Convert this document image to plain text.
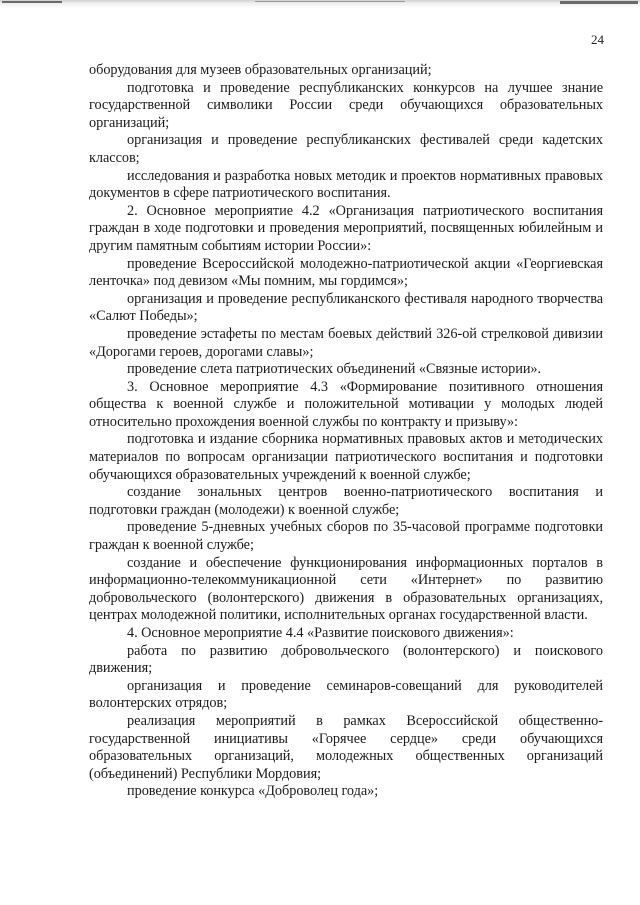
24

оборудования для музеев образовательных организаций;

подготовка и проведение республиканских конкурсов на лучшее знание государственной символики России среди обучающихся образовательных организаций;

организация и проведение республиканских фестивалей среди кадетских классов;

исследования и разработка новых методик и проектов нормативных правовых документов в сфере патриотического воспитания.

2. Основное мероприятие 4.2 «Организация патриотического воспитания граждан в ходе подготовки и проведения мероприятий, посвященных юбилейным и другим памятным событиям истории России»:

проведение Всероссийской молодежно-патриотической акции «Георгиевская ленточка» под девизом «Мы помним, мы гордимся»;

организация и проведение республиканского фестиваля народного творчества «Салют Победы»;

проведение эстафеты по местам боевых действий 326-ой стрелковой дивизии «Дорогами героев, дорогами славы»;

проведение слета патриотических объединений «Связные истории».

3. Основное мероприятие 4.3 «Формирование позитивного отношения общества к военной службе и положительной мотивации у молодых людей относительно прохождения военной службы по контракту и призыву»:

подготовка и издание сборника нормативных правовых актов и методических материалов по вопросам организации патриотического воспитания и подготовки обучающихся образовательных учреждений к военной службе;

создание зональных центров военно-патриотического воспитания и подготовки граждан (молодежи) к военной службе;

проведение 5-дневных учебных сборов по 35-часовой программе подготовки граждан к военной службе;

создание и обеспечение функционирования информационных порталов в информационно-телекоммуникационной сети «Интернет» по развитию добровольческого (волонтерского) движения в образовательных организациях, центрах молодежной политики, исполнительных органах государственной власти.

4. Основное мероприятие 4.4 «Развитие поискового движения»:

работа по развитию добровольческого (волонтерского) и поискового движения;

организация и проведение семинаров-совещаний для руководителей волонтерских отрядов;

реализация мероприятий в рамках Всероссийской общественно-государственной инициативы «Горячее сердце» среди обучающихся образовательных организаций, молодежных общественных организаций (объединений) Республики Мордовия;

проведение конкурса «Доброволец года»;
